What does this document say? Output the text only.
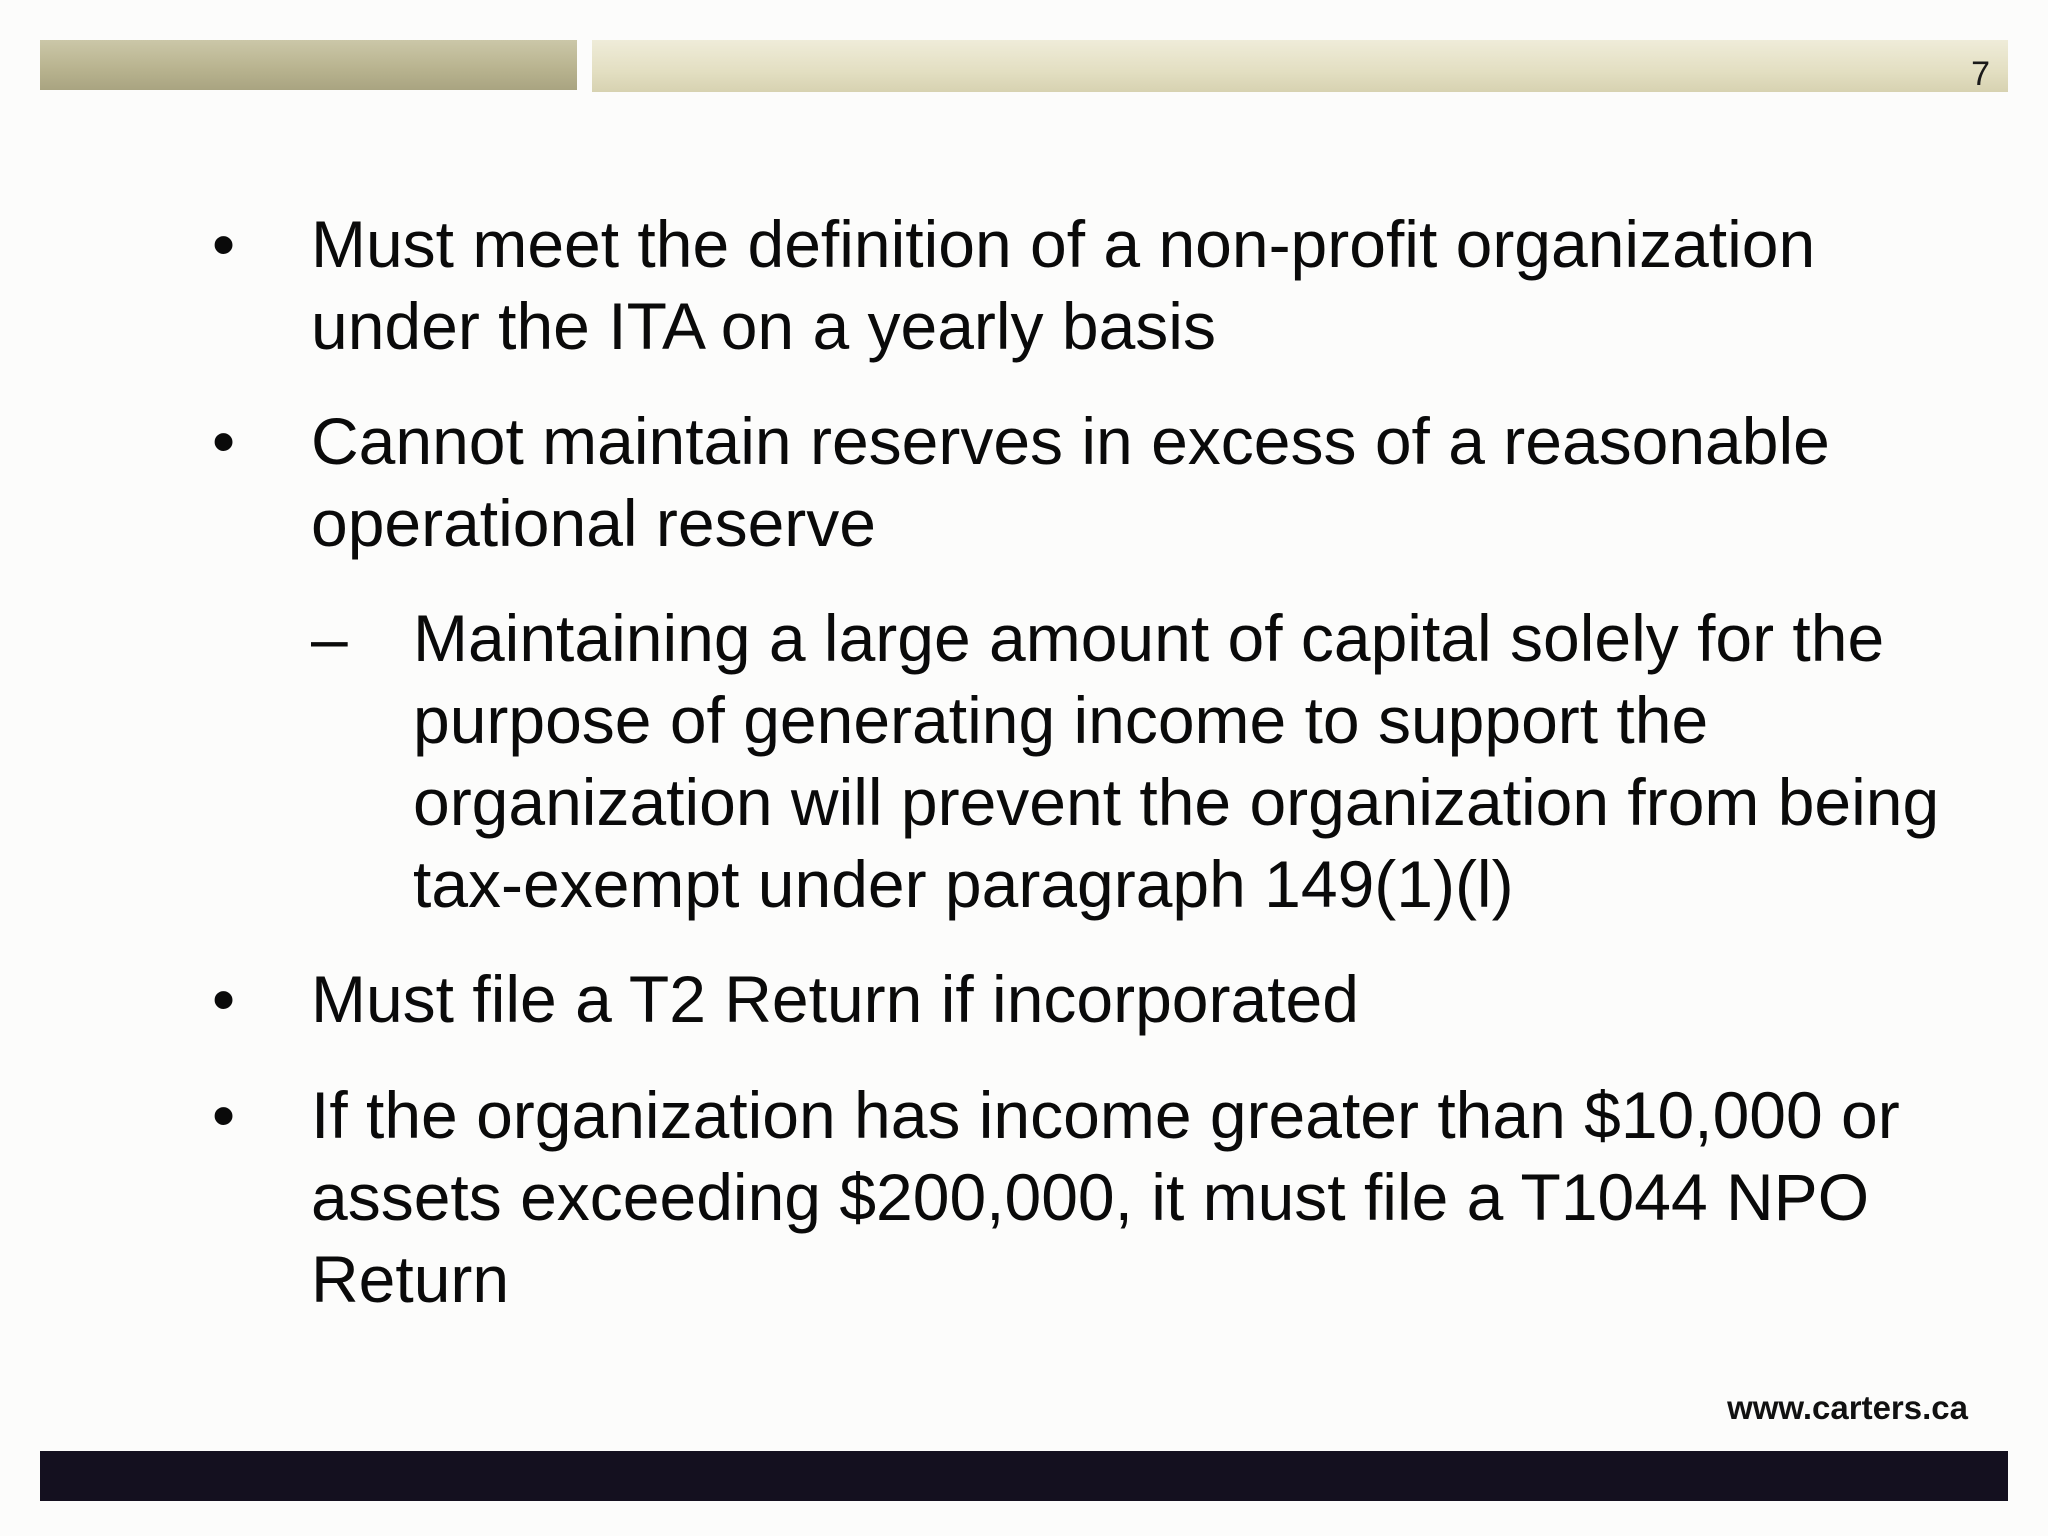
7
• Must meet the definition of a non-profit organization
under the ITA on a yearly basis
• Cannot maintain reserves in excess of a reasonable
operational reserve
– Maintaining a large amount of capital solely for the
purpose of generating income to support the
organization will prevent the organization from being
tax-exempt under paragraph 149(1)(l)
• Must file a T2 Return if incorporated
• If the organization has income greater than $10,000 or
assets exceeding $200,000, it must file a T1044 NPO
Return
www.carters.ca
